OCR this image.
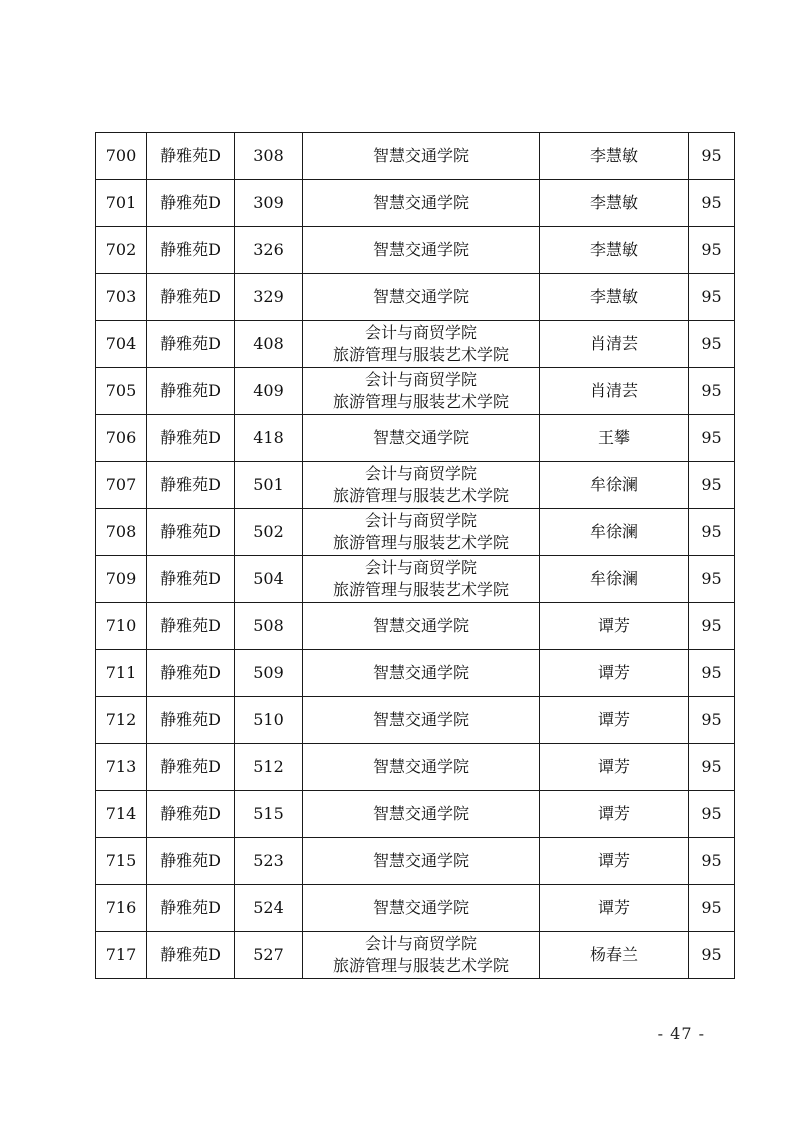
700	静雅苑D	308	智慧交通学院	李慧敏	95
701	静雅苑D	309	智慧交通学院	李慧敏	95
702	静雅苑D	326	智慧交通学院	李慧敏	95
703	静雅苑D	329	智慧交通学院	李慧敏	95
704	静雅苑D	408	会计与商贸学院
旅游管理与服装艺术学院	肖清芸	95
705	静雅苑D	409	会计与商贸学院
旅游管理与服装艺术学院	肖清芸	95
706	静雅苑D	418	智慧交通学院	王攀	95
707	静雅苑D	501	会计与商贸学院
旅游管理与服装艺术学院	牟徐澜	95
708	静雅苑D	502	会计与商贸学院
旅游管理与服装艺术学院	牟徐澜	95
709	静雅苑D	504	会计与商贸学院
旅游管理与服装艺术学院	牟徐澜	95
710	静雅苑D	508	智慧交通学院	谭芳	95
711	静雅苑D	509	智慧交通学院	谭芳	95
712	静雅苑D	510	智慧交通学院	谭芳	95
713	静雅苑D	512	智慧交通学院	谭芳	95
714	静雅苑D	515	智慧交通学院	谭芳	95
715	静雅苑D	523	智慧交通学院	谭芳	95
716	静雅苑D	524	智慧交通学院	谭芳	95
717	静雅苑D	527	会计与商贸学院
旅游管理与服装艺术学院	杨春兰	95
- 47 -
